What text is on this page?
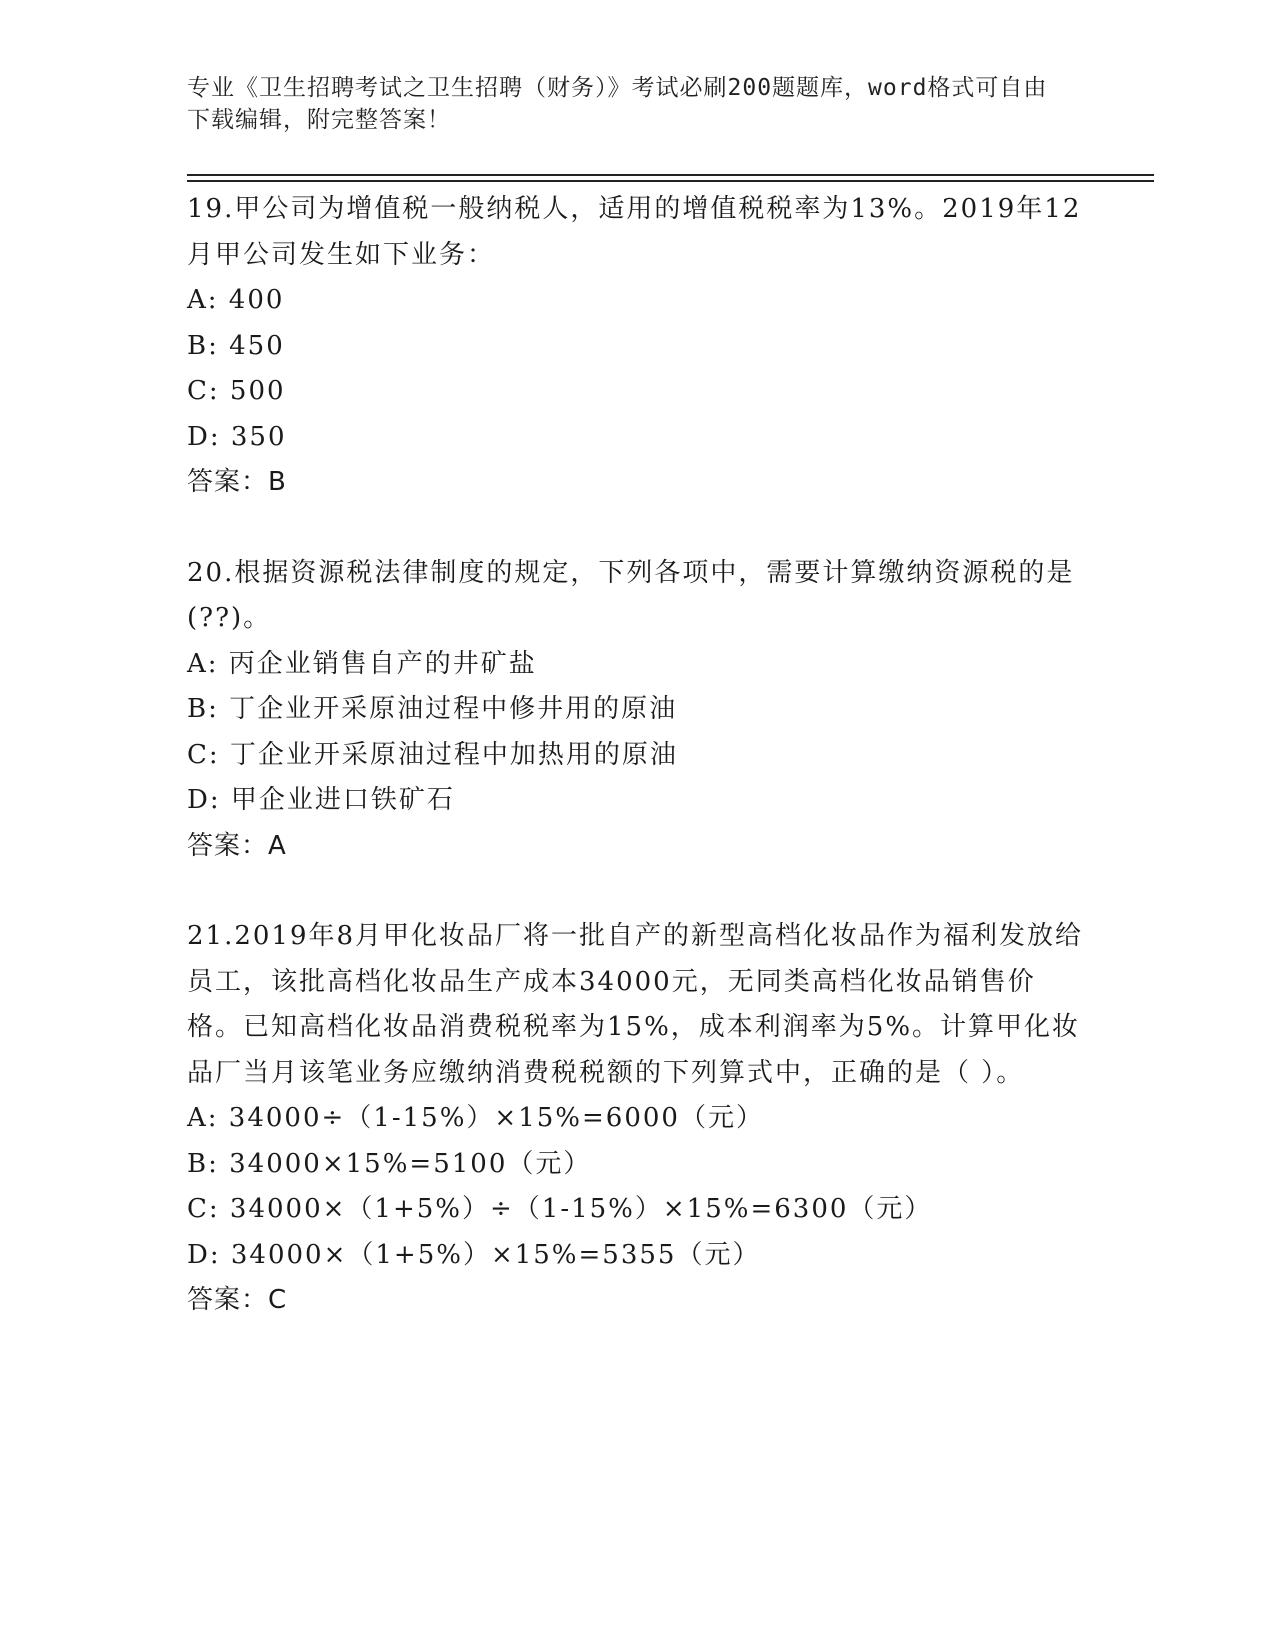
专业《卫生招聘考试之卫生招聘（财务）》考试必刷200题题库，word格式可自由下载编辑，附完整答案！
19.甲公司为增值税一般纳税人，适用的增值税税率为13%。2019年12月甲公司发生如下业务：
A: 400
B: 450
C: 500
D: 350
答案：B
20.根据资源税法律制度的规定，下列各项中，需要计算缴纳资源税的是(??)。
A: 丙企业销售自产的井矿盐
B: 丁企业开采原油过程中修井用的原油
C: 丁企业开采原油过程中加热用的原油
D: 甲企业进口铁矿石
答案：A
21.2019年8月甲化妆品厂将一批自产的新型高档化妆品作为福利发放给员工，该批高档化妆品生产成本34000元，无同类高档化妆品销售价格。已知高档化妆品消费税税率为15%，成本利润率为5%。计算甲化妆品厂当月该笔业务应缴纳消费税税额的下列算式中，正确的是（ ）。
A: 34000÷（1-15%）×15%=6000（元）
B: 34000×15%=5100（元）
C: 34000×（1+5%）÷（1-15%）×15%=6300（元）
D: 34000×（1+5%）×15%=5355（元）
答案：C
